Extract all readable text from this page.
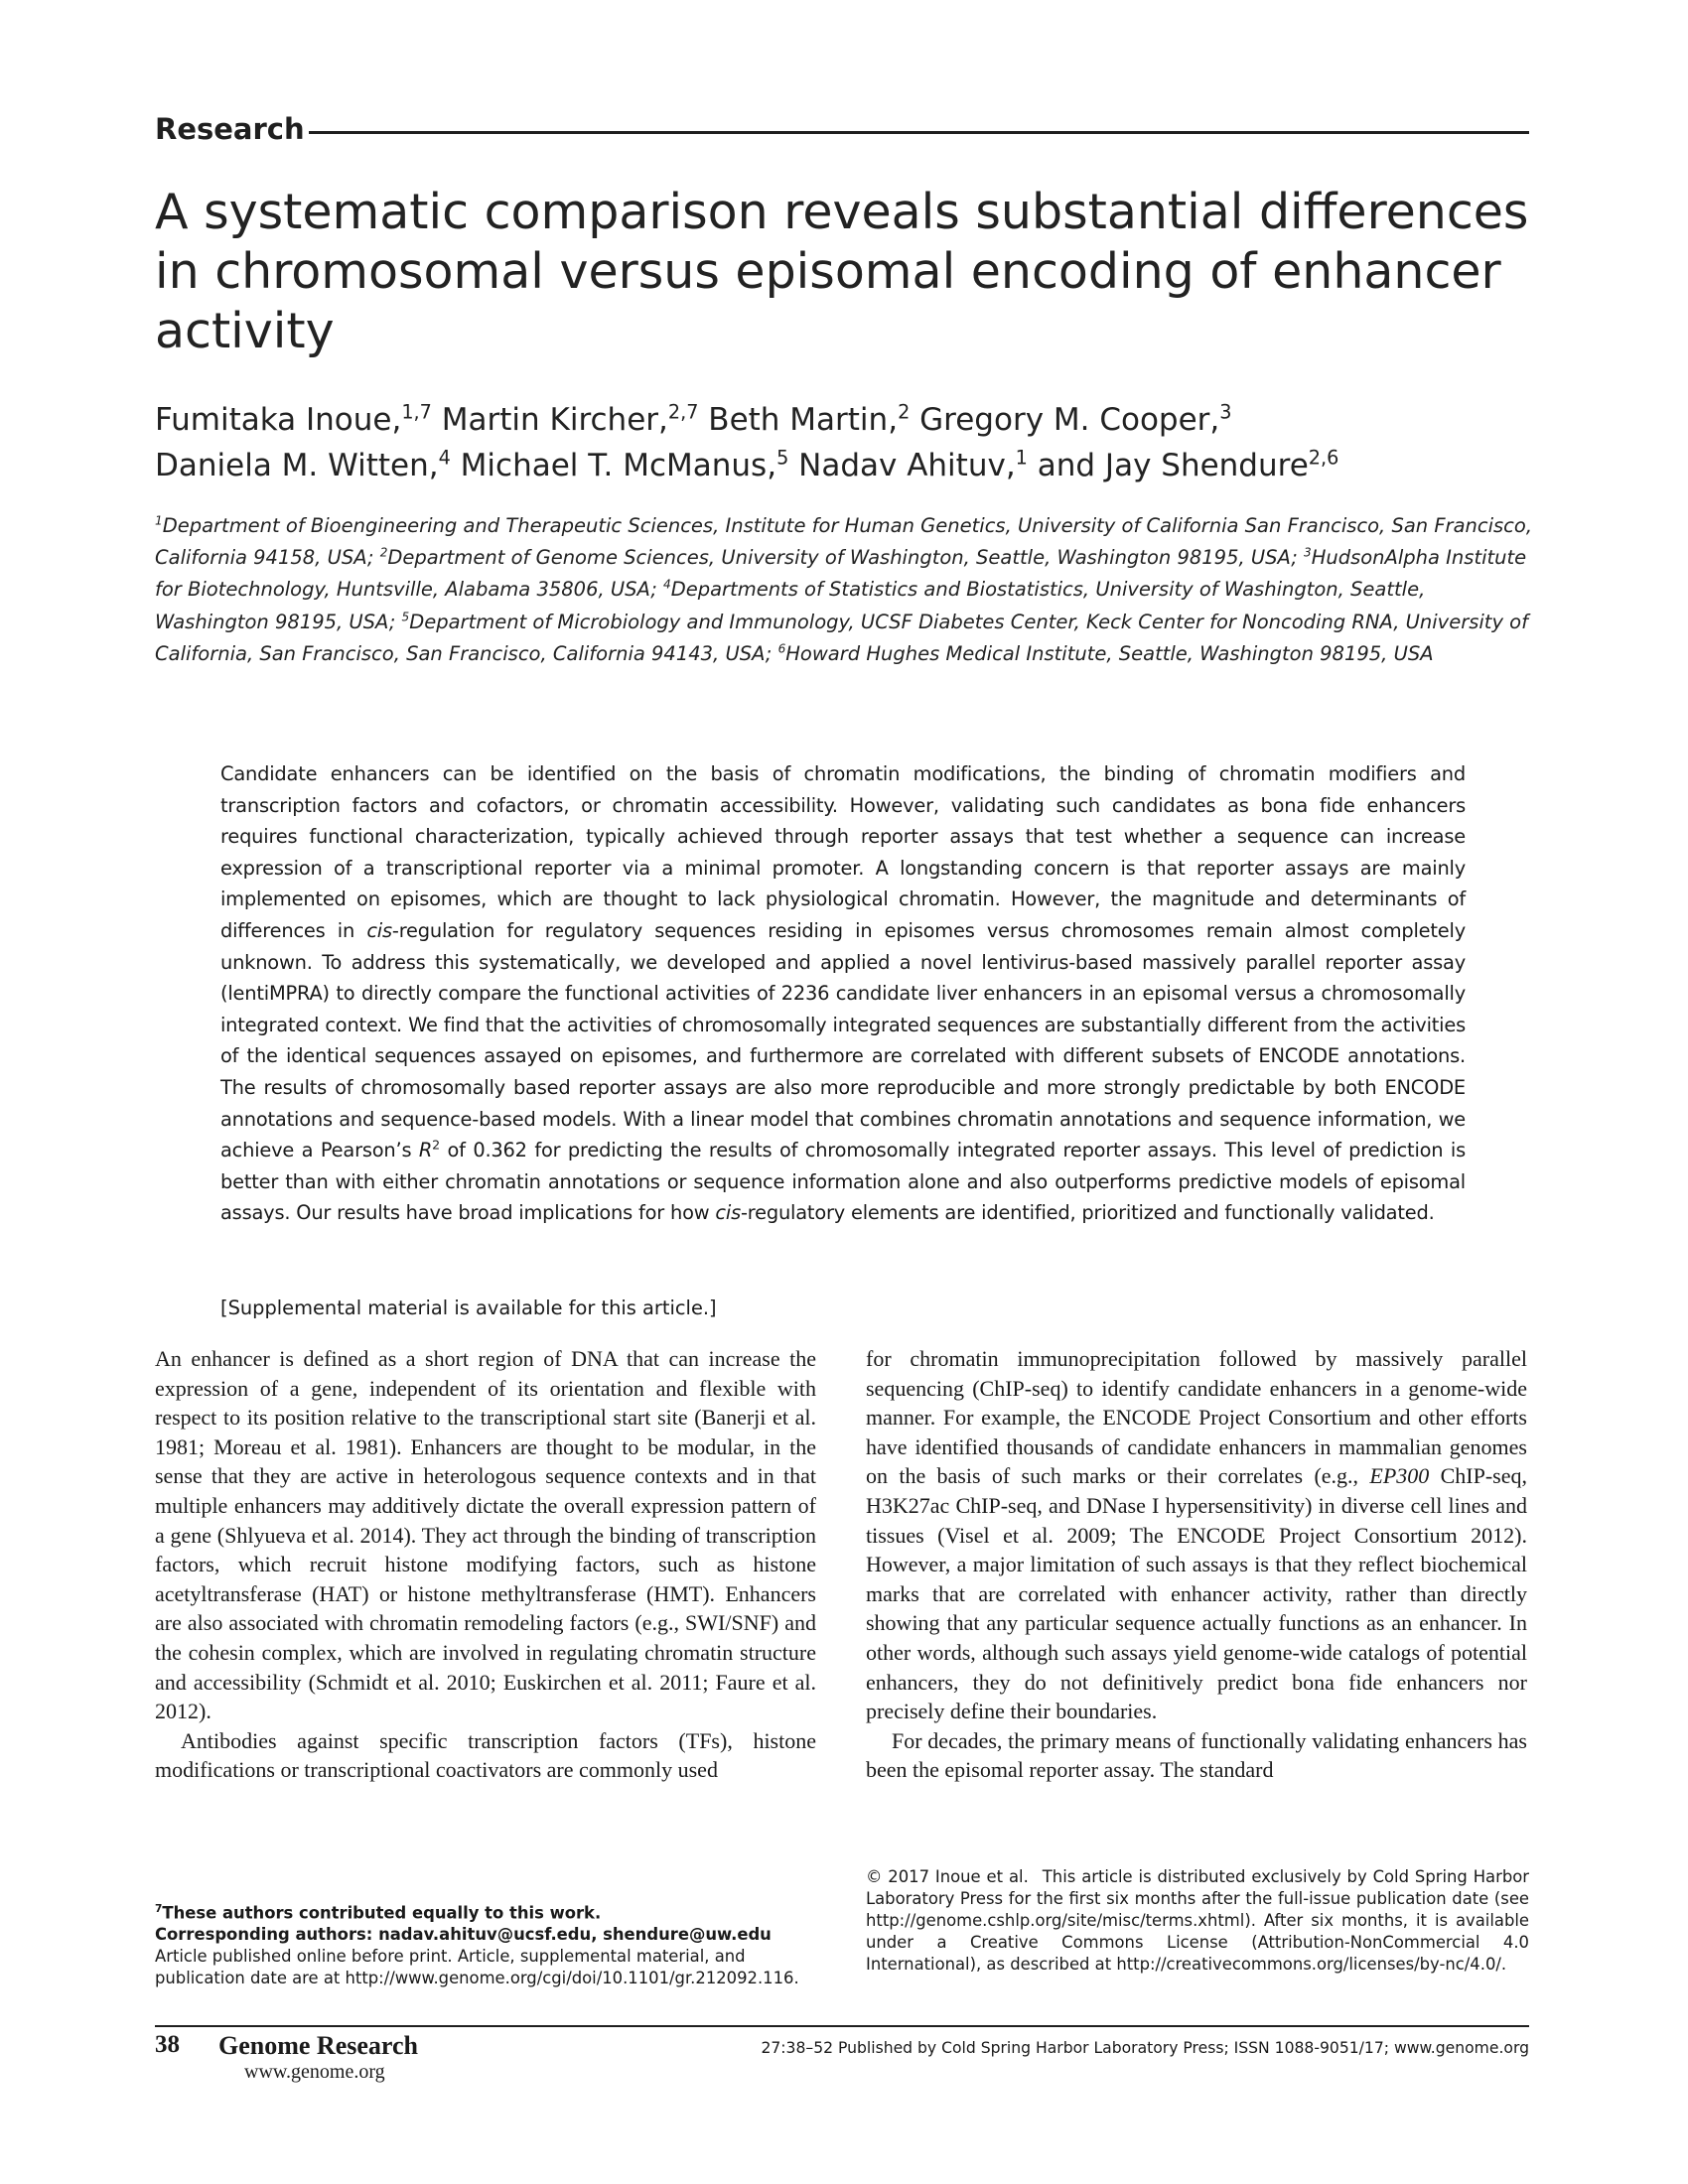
Research
A systematic comparison reveals substantial differences in chromosomal versus episomal encoding of enhancer activity

Fumitaka Inoue,$^{1,7}$ Martin Kircher,$^{2,7}$ Beth Martin,$^2$ Gregory M. Cooper,$^3$
Daniela M. Witten,$^4$ Michael T. McManus,$^5$ Nadav Ahituv,$^1$ and Jay Shendure$^{2,6}$

$^1$Department of Bioengineering and Therapeutic Sciences, Institute for Human Genetics, University of California San Francisco, San Francisco, California 94158, USA; $^2$Department of Genome Sciences, University of Washington, Seattle, Washington 98195, USA; $^3$HudsonAlpha Institute for Biotechnology, Huntsville, Alabama 35806, USA; $^4$Departments of Statistics and Biostatistics, University of Washington, Seattle, Washington 98195, USA; $^5$Department of Microbiology and Immunology, UCSF Diabetes Center, Keck Center for Noncoding RNA, University of California, San Francisco, San Francisco, California 94143, USA; $^6$Howard Hughes Medical Institute, Seattle, Washington 98195, USA

Candidate enhancers can be identified on the basis of chromatin modifications, the binding of chromatin modifiers and transcription factors and cofactors, or chromatin accessibility. However, validating such candidates as bona fide enhancers requires functional characterization, typically achieved through reporter assays that test whether a sequence can increase expression of a transcriptional reporter via a minimal promoter. A longstanding concern is that reporter assays are mainly implemented on episomes, which are thought to lack physiological chromatin. However, the magnitude and determinants of differences in cis-regulation for regulatory sequences residing in episomes versus chromosomes remain almost completely unknown. To address this systematically, we developed and applied a novel lentivirus-based massively parallel reporter assay (lentiMPRA) to directly compare the functional activities of 2236 candidate liver enhancers in an episomal versus a chromosomally integrated context. We find that the activities of chromosomally integrated sequences are substantially different from the activities of the identical sequences assayed on episomes, and furthermore are correlated with different subsets of ENCODE annotations. The results of chromosomally based reporter assays are also more reproducible and more strongly predictable by both ENCODE annotations and sequence-based models. With a linear model that combines chromatin annotations and sequence information, we achieve a Pearson’s $R^2$ of 0.362 for predicting the results of chromosomally integrated reporter assays. This level of prediction is better than with either chromatin annotations or sequence information alone and also outperforms predictive models of episomal assays. Our results have broad implications for how cis-regulatory elements are identified, prioritized and functionally validated.

[Supplemental material is available for this article.]

An enhancer is defined as a short region of DNA that can increase the expression of a gene, independent of its orientation and flexible with respect to its position relative to the transcriptional start site (Banerji et al. 1981; Moreau et al. 1981). Enhancers are thought to be modular, in the sense that they are active in heterologous sequence contexts and in that multiple enhancers may additively dictate the overall expression pattern of a gene (Shlyueva et al. 2014). They act through the binding of transcription factors, which recruit histone modifying factors, such as histone acetyltransferase (HAT) or histone methyltransferase (HMT). Enhancers are also associated with chromatin remodeling factors (e.g., SWI/SNF) and the cohesin complex, which are involved in regulating chromatin structure and accessibility (Schmidt et al. 2010; Euskirchen et al. 2011; Faure et al. 2012).

Antibodies against specific transcription factors (TFs), histone modifications or transcriptional coactivators are commonly used

for chromatin immunoprecipitation followed by massively parallel sequencing (ChIP-seq) to identify candidate enhancers in a genome-wide manner. For example, the ENCODE Project Consortium and other efforts have identified thousands of candidate enhancers in mammalian genomes on the basis of such marks or their correlates (e.g., EP300 ChIP-seq, H3K27ac ChIP-seq, and DNase I hypersensitivity) in diverse cell lines and tissues (Visel et al. 2009; The ENCODE Project Consortium 2012). However, a major limitation of such assays is that they reflect biochemical marks that are correlated with enhancer activity, rather than directly showing that any particular sequence actually functions as an enhancer. In other words, although such assays yield genome-wide catalogs of potential enhancers, they do not definitively predict bona fide enhancers nor precisely define their boundaries.

For decades, the primary means of functionally validating enhancers has been the episomal reporter assay. The standard

$^7$These authors contributed equally to this work.

Corresponding authors: nadav.ahituv@ucsf.edu, shendure@uw.edu

Article published online before print. Article, supplemental material, and publication date are at http://www.genome.org/cgi/doi/10.1101/gr.212092.116.

© 2017 Inoue et al. This article is distributed exclusively by Cold Spring Harbor Laboratory Press for the first six months after the full-issue publication date (see http://genome.cshlp.org/site/misc/terms.xhtml). After six months, it is available under a Creative Commons License (Attribution-NonCommercial 4.0 International), as described at http://creativecommons.org/licenses/by-nc/4.0/.

38 Genome Research
www.genome.org
27:38–52 Published by Cold Spring Harbor Laboratory Press; ISSN 1088-9051/17; www.genome.org
